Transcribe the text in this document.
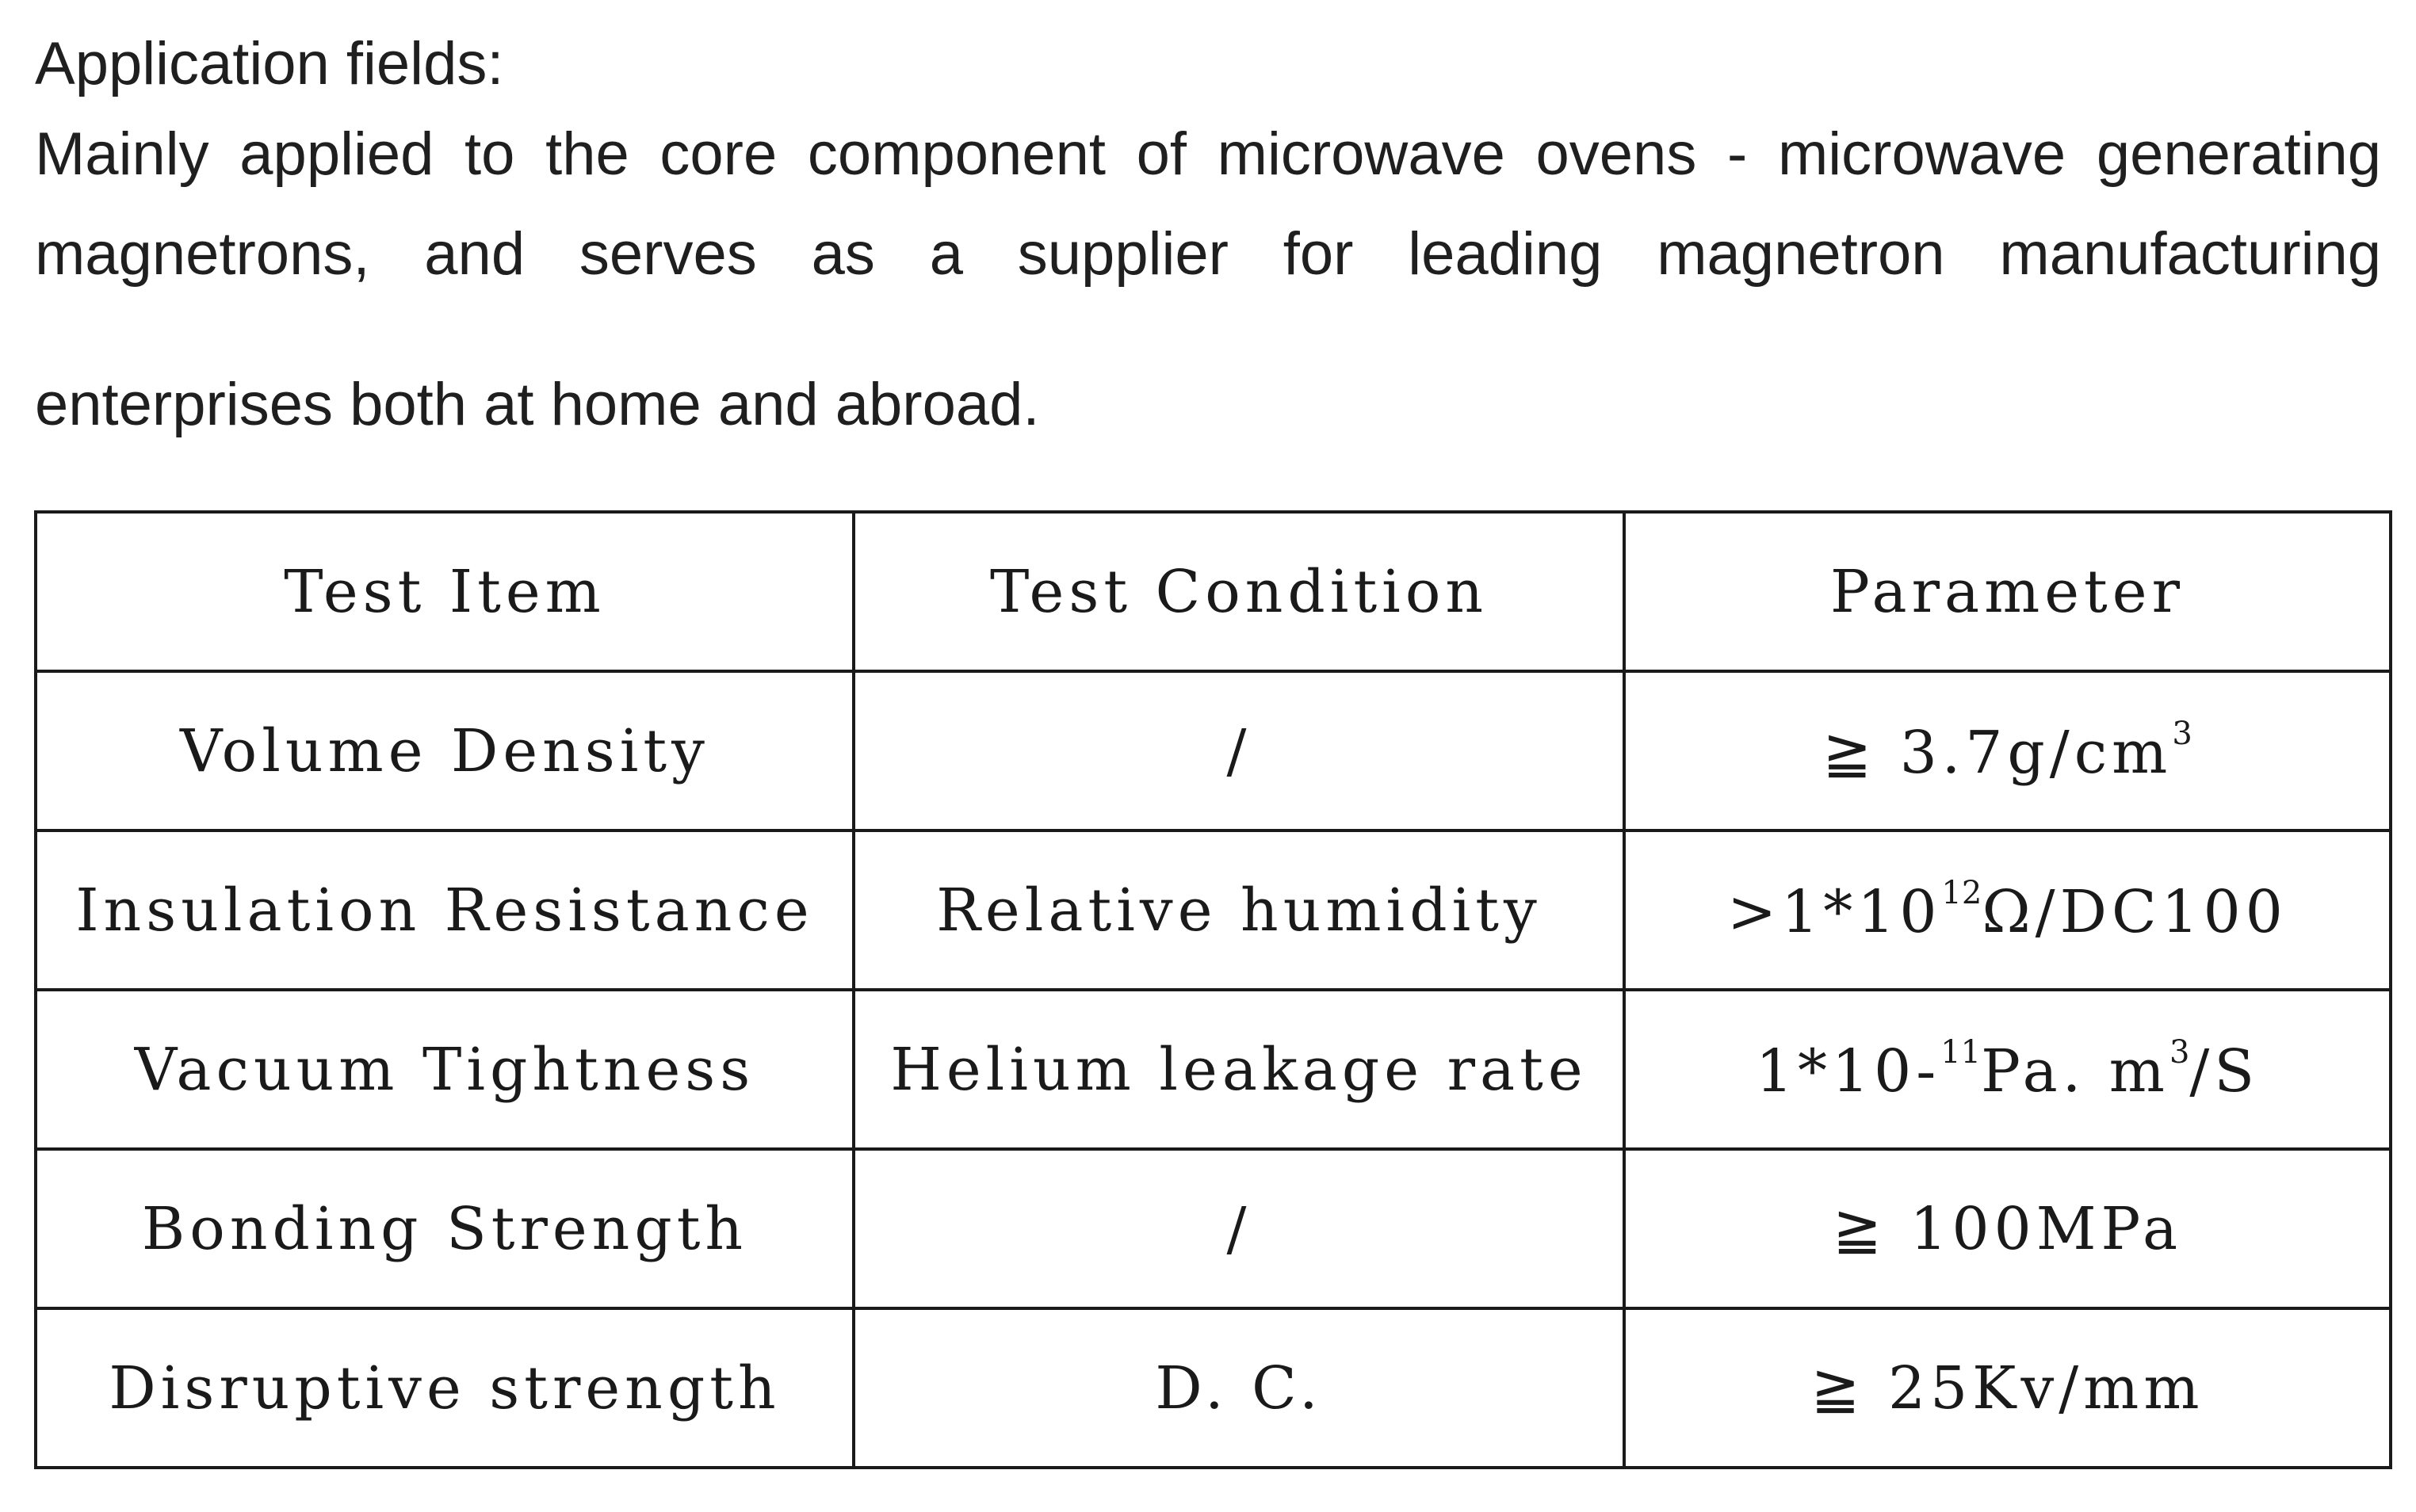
Application fields:
Mainly applied to the core component of microwave ovens - microwave generating
magnetrons, and serves as a supplier for leading magnetron manufacturing
enterprises both at home and abroad.
Test Item	Test Condition	Parameter
Volume Density	/	≧ $3.7g/cm^3$
Insulation Resistance	Relative humidity	$>1*10^{12}\Omega/DC100$
Vacuum Tightness	Helium leakage rate	1*10-$^{11}$Pa. $m^3/S$
Bonding Strength	/	≧ 100MPa
Disruptive strength	D. C.	≧ 25Kv/mm
